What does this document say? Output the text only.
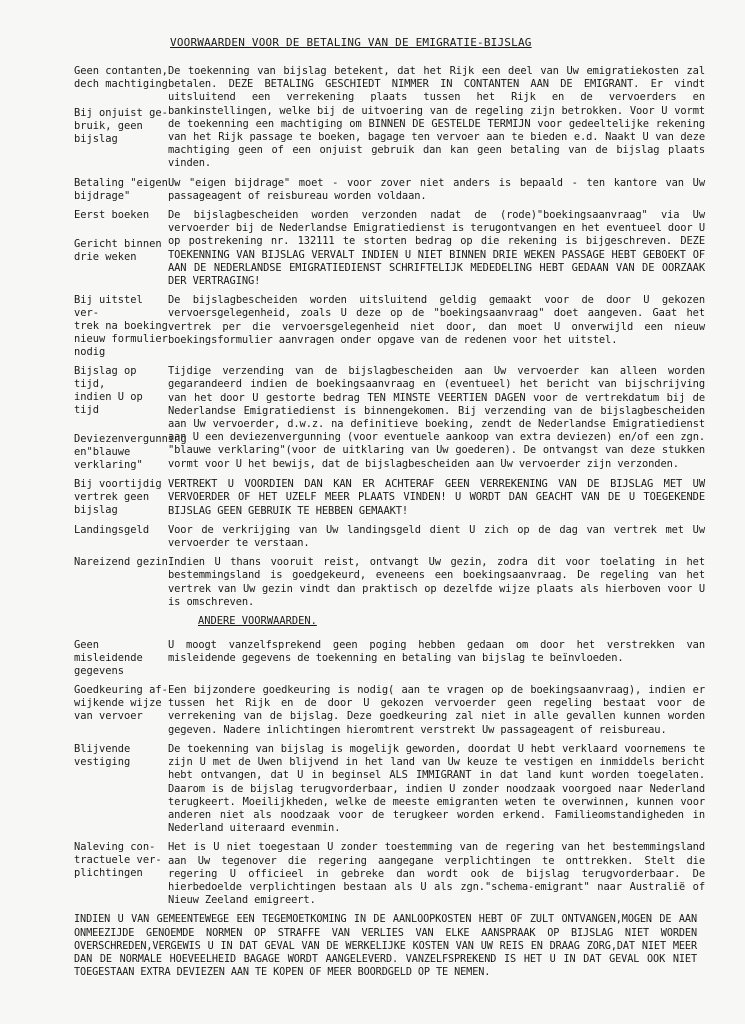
VOORWAARDEN VOOR DE BETALING VAN DE EMIGRATIE-BIJSLAG
Geen contanten, dech machtiging
Bij onjuist ge-
bruik, geen
bijslag
De toekenning van bijslag betekent, dat het Rijk een deel van Uw emigratiekosten zal betalen. DEZE BETALING GESCHIEDT NIMMER IN CONTANTEN AAN DE EMIGRANT. Er vindt uitsluitend een verrekening plaats tussen het Rijk en de vervoerders en bankinstellingen, welke bij de uitvoering van de regeling zijn betrokken. Voor U vormt de toekenning een machtiging om BINNEN DE GESTELDE TERMIJN voor gedeeltelijke rekening van het Rijk passage te boeken, bagage ten vervoer aan te bieden e.d. Naakt U van deze machtiging geen of een onjuist gebruik dan kan geen betaling van de bijslag plaats vinden.
Betaling "eigen
bijdrage"
Uw "eigen bijdrage" moet - voor zover niet anders is bepaald - ten kantore van Uw passageagent of reisbureau worden voldaan.
Eerst boeken
Gericht binnen
drie weken
De bijslagbescheiden worden verzonden nadat de (rode)"boekingsaanvraag" via Uw vervoerder bij de Nederlandse Emigratiedienst is terugontvangen en het eventueel door U op postrekening nr. 132111 te storten bedrag op die rekening is bijgeschreven. DEZE TOEKENNING VAN BIJSLAG VERVALT INDIEN U NIET BINNEN DRIE WEKEN PASSAGE HEBT GEBOEKT OF AAN DE NEDERLANDSE EMIGRATIEDIENST SCHRIFTELIJK MEDEDELING HEBT GEDAAN VAN DE OORZAAK DER VERTRAGING!
Bij uitstel ver-
trek na boeking
nieuw formulier
nodig
De bijslagbescheiden worden uitsluitend geldig gemaakt voor de door U gekozen vervoersgelegenheid, zoals U deze op de "boekingsaanvraag" doet aangeven. Gaat het vertrek per die vervoersgelegenheid niet door, dan moet U onverwijld een nieuw boekingsformulier aanvragen onder opgave van de redenen voor het uitstel.
Bijslag op tijd,
indien U op tijd
Deviezenvergunning en"blauwe
verklaring"
Tijdige verzending van de bijslagbescheiden aan Uw vervoerder kan alleen worden gegarandeerd indien de boekingsaanvraag en (eventueel) het bericht van bijschrijving van het door U gestorte bedrag TEN MINSTE VEERTIEN DAGEN voor de vertrekdatum bij de Nederlandse Emigratiedienst is binnengekomen. Bij verzending van de bijslagbescheiden aan Uw vervoerder, d.w.z. na definitieve boeking, zendt de Nederlandse Emigratiedienst aan U een deviezenvergunning (voor eventuele aankoop van extra deviezen) en/of een zgn. "blauwe verklaring"(voor de uitklaring van Uw goederen). De ontvangst van deze stukken vormt voor U het bewijs, dat de bijslagbescheiden aan Uw vervoerder zijn verzonden.
Bij voortijdig
vertrek geen
bijslag
VERTREKT U VOORDIEN DAN KAN ER ACHTERAF GEEN VERREKENING VAN DE BIJSLAG MET UW VERVOERDER OF HET UZELF MEER PLAATS VINDEN! U WORDT DAN GEACHT VAN DE U TOEGEKENDE BIJSLAG GEEN GEBRUIK TE HEBBEN GEMAAKT!
Landingsgeld	Voor de verkrijging van Uw landingsgeld dient U zich op de dag van vertrek met Uw vervoerder te verstaan.
Nareizend gezin Indien U thans vooruit reist, ontvangt Uw gezin, zodra dit voor toelating in het bestemmingsland is goedgekeurd, eveneens een boekingsaanvraag. De regeling van het vertrek van Uw gezin vindt dan praktisch op dezelfde wijze plaats als hierboven voor U is omschreven.
ANDERE VOORWAARDEN.
Geen misleidende
gegevens
U moogt vanzelfsprekend geen poging hebben gedaan om door het verstrekken van misleidende gegevens de toekenning en betaling van bijslag te beïnvloeden.
Goedkeuring af-
wijkende wijze
van vervoer
Een bijzondere goedkeuring is nodig( aan te vragen op de boekingsaanvraag), indien er tussen het Rijk en de door U gekozen vervoerder geen regeling bestaat voor de verrekening van de bijslag. Deze goedkeuring zal niet in alle gevallen kunnen worden gegeven. Nadere inlichtingen hieromtrent verstrekt Uw passageagent of reisbureau.
Blijvende
vestiging
De toekenning van bijslag is mogelijk geworden, doordat U hebt verklaard voornemens te zijn U met de Uwen blijvend in het land van Uw keuze te vestigen en inmiddels bericht hebt ontvangen, dat U in beginsel ALS IMMIGRANT in dat land kunt worden toegelaten. Daarom is de bijslag terugvorderbaar, indien U zonder noodzaak voorgoed naar Nederland terugkeert. Moeilijkheden, welke de meeste emigranten weten te overwinnen, kunnen voor anderen niet als noodzaak voor de terugkeer worden erkend. Familieomstandigheden in Nederland uiteraard evenmin.
Naleving con-
tractuele ver-
plichtingen
Het is U niet toegestaan U zonder toestemming van de regering van het bestemmingsland aan Uw tegenover die regering aangegane verplichtingen te onttrekken. Stelt die regering U officieel in gebreke dan wordt ook de bijslag terugvorderbaar. De hierbedoelde verplichtingen bestaan als U als zgn."schema-emigrant" naar Australië of Nieuw Zeeland emigreert.
INDIEN U VAN GEMEENTEWEGE EEN TEGEMOETKOMING IN DE AANLOOPKOSTEN HEBT OF ZULT ONTVANGEN,MOGEN DE AAN ONMEEZIJDE GENOEMDE NORMEN OP STRAFFE VAN VERLIES VAN ELKE AANSPRAAK OP BIJSLAG NIET WORDEN OVERSCHREDEN,VERGEWIS U IN DAT GEVAL VAN DE WERKELIJKE KOSTEN VAN UW REIS EN DRAAG ZORG,DAT NIET MEER DAN DE NORMALE HOEVEELHEID BAGAGE WORDT AANGELEVERD. VANZELFSPREKEND IS HET U IN DAT GEVAL OOK NIET TOEGESTAAN EXTRA DEVIEZEN AAN TE KOPEN OF MEER BOORDGELD OP TE NEMEN.
